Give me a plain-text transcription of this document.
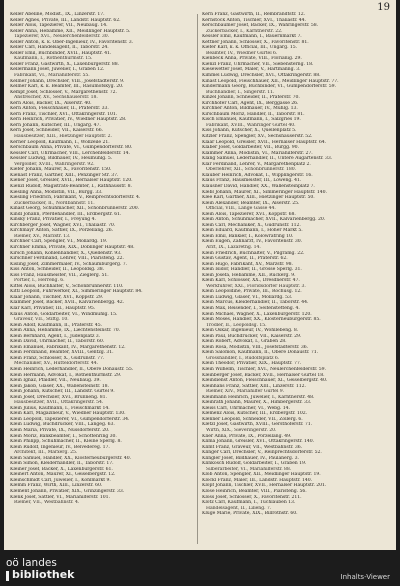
19
Keller Abeline, Modist., IX., Linzerstr. 17.
Keller Agnes, Private, III., Landstr. Hauptstr. 62.
Keller Alois, Tapezierer, VII., Neubaug. 14.
Keller Anna, Hebamme, XII., Meidlinger Hauptstr. 5.
Tapezierer, XVI., Neulerchenfelderstr. 30.
Keller Anton, k. k. Ober-Ingenieur, IV., Favoritenstr. 3.
Keller Carl, Handelsagent, II., Taborstr. 24.
Keller Emil, Buchbinder, XVII., Hauptstr. 41.
Kaufmann, I., Rothenthurmstr. 15.
Keller Franz, Gastwirth, X., Laxenburgerstr. 88.
Kellermann Josef, Juwelier, I., Graben 12.
Fabrikant, VI., Mariahilferstr. 55.
Kellner Johann, Drechsler, VIII., Josefstädterstr. 9.
Kellner Karl, k. k. Beamter, III., Rasumofskyg. 20.
Kempf Josef, Schlosser, V., Margarethenstr. 72.
Anstreicher, XV., Sechshauserstr. 18.
Kern Alois, Bäcker, IX., Alserstr. 40.
Kern Anton, Fleischhauer, II., Praterstr. 33.
Kern Franz, Tischler, XVI., Ottakringerstr. 101.
Kern Heinrich, Privatier, IV., Wiedner Hauptstr. 28.
Kern Johann, Kutscher, III., Ungarg. 47.
Kern Josef, Schneider, VII., Kaiserstr. 66.
Hausbesitzer, XIII., Hietzinger Hauptstr. 2.
Kerner Leopold, Kaufmann, I., Wollzeile 21.
Kerschbaum Anna, Private, VI., Gumpendorferstr. 80.
Kessler Carl, Uhrmacher, VIII., Lerchenfelderstr. 14.
Kessler Ludwig, Bildhauer, IV., Heumühlg. 5.
Vergolder, XVIII., Währingerstr. 92.
Kiefer Johann, Maurer, X., Favoritenstr. 150.
Kienast Franz, Gärtner, XIII., Penzinger Str. 37.
Kiener Josef, Greisler, XVII., Hernalser Hauptstr. 120.
Kienzl Rudolf, Magistrats-Beamter, I., Rathhausstr. 8.
Kiesling Anna, Modistin, VII., Burgg. 33.
Kiesling Friedrich, Fabrikant, V., Reinprechtsdorferstr. 4.
Zuckerbäcker, II., Nordbahnstr. 11.
Kinast Georg, Schuhmacher, XII., Schönbrunnerstr. 200.
Kindl Johann, Pferdehändler, III., Erdbergstr. 61.
Kinsky Franz, Privatier, I., Freyung 4.
Kirchberger Josef, Wagner, XVI., Thaliastr. 70.
Kirchmayr Anton, Sattler, IX., Porzellang. 26.
Riemer, XV., Märzstr. 13.
Kirchner Carl, Spengler, VI., Mollardg. 19.
Kirchner Emma, Private, XIX., Döblinger Hauptstr. 48.
Kirsch Johann, Kohlenhändler, X., Quellenstr. 93.
Kirschner Ferdinand, Lehrer, VIII., Piaristeng. 22.
Kisling Josef, Zimmermaler, IV., Schaumburgerg. 7.
Kiss Anton, Schneider, II., Leopoldsg. 38.
Kiss Franz, Hausmeister, VII., Zieglerg. 51.
Portier, I., Herreng. 6.
Kittel Alois, Buchhalter, V., Schönbrunnerstr. 110.
Kittl Leopold, Fuhrwerker, XI., Simmeringer Hauptstr. 84.
Klaar Johann, Tischler, XVI., Koppstr. 29.
Klammer Josef, Bäcker, XVII., Kalvarienbergg. 42.
Klar Karl, Privatier, III., Hauptstr. 95.
Klaus Anton, Goldarbeiter, VI., Windmühlg. 15.
Graveur, VII., Stiftg. 10.
Klein Adolf, Kaufmann, II., Praterstr. 45.
Klein Anna, Hebamme, IX., Liechtensteinstr. 70.
Klein Bernhard, Agent, I., Judenplatz 3.
Klein David, Uhrmacher, II., Taborstr. 60.
Klein Emanuel, Fabrikant, IV., Margarethenstr. 12.
Klein Ferdinand, Beamter, XVIII., Gentzg. 31.
Klein Franz, Schlosser, X., Gudrunstr. 77.
Mechaniker, XV., Hütteldorferstr. 44.
Klein Heinrich, Lederhändler, II., Obere Donaustr. 55.
Klein Hermann, Advokat, I., Rothenthurmstr. 29.
Klein Ignaz, Pfaidler, VII., Neubaug. 39.
Klein Jakob, Glaser, XX., Wallensteinstr. 18.
Klein Johann, Kutscher, III., Landstr. Gürtel 9.
Klein Josef, Drechsler, XVI., Brunneng. 81.
Hausbesitzer, XVII., Ottakringerstr. 54.
Klein Julius, Kaufmann, I., Fleischmarkt 14.
Klein Karl, Magazineur, V., Wiedner Hauptstr. 130.
Klein Leopold, Tapezierer, VI., Gumpendorferstr. 34.
Klein Ludwig, Buchdrucker, VIII., Langeg. 63.
Klein Maria, Private, IX., Nussdorferstr. 20.
Klein Moriz, Bankbeamter, I., Schottenring 30.
Klein Philipp, Schuhmacher, II., Kleine Sperlg. 8.
Klein Rudolf, Ingenieur, IV., Belvedereg. 17.
Architekt, III., Marxerg. 25.
Klein Samuel, Händler, XX., Klosterneuburgerstr. 40.
Klein Simon, Kleiderhändler, II., Taborstr. 17.
Kleiner Josef, Bäcker, X., Laxenburgerstr. 61.
Kleinert Anton, Maurer, XI., Geiselbergstr. 12.
Kleinschmidt Carl, Juwelier, I., Kohlmarkt 9.
Klemm Franz, Wirth, XIII., Linzerstr. 60.
Klement Johann, Privatier, XIX., Grinzingerstr. 33.
Klenk Josef, Sattler, VI., Mariahilferstr. 101.
Riemer, VII., Westbahnstr. 4.
Kern Franz, Gastwirth, II., Rembrandtstr. 12.
Kernstock Anton, Tischler, XVI., Thaliastr. 44.
Kerschbaumer Josef, Bäcker, IX., Währingerstr. 58.
Zuckerbäcker, I., Kärntnerstr. 22.
Kessler Emil, Kaufmann, I., Bauernmarkt 7.
Kettner Johann, Schlosser, X., Favoritenstr. 81.
Kiefer Karl, k. k. Official, III., Ungarg. 15.
Beamter, IV., Wiedner Gürtel 6.
Kienbeck Anna, Private, VIII., Florianig. 29.
Kienzl Franz, Uhrmacher, VII., Siebensterng. 18.
Kiesewetter Josef, Maler, V., Hartmanng. 3.
Kimmel Ludwig, Drechsler, XVI., Ottakringerstr. 88.
Kinast Leopold, Fleischhauer, XII., Meidlinger Hauptstr. 77.
Kindermann Georg, Buchbinder, VI., Gumpendorferstr. 59.
Buchhändler, I., Singerstr. 11.
Kinzel Johann, Schneider, II., Praterstr. 70.
Kirchhofer Carl, Agent, IX., Berggasse 26.
Kirchner Anton, Bildhauer, IV., Mühlg. 13.
Kirschbaum Moriz, Händler, II., Taborstr. 81.
Kisch Emanuel, Kaufmann, I., Salzgries 19.
Fabrikant, XVIII., Währinger Gürtel 40.
Kiss Johann, Kutscher, X., Quellenplatz 5.
Kitzler Franz, Spengler, XV., Sechshauserstr. 52.
Klaar Leopold, Greisler, XVII., Hernalser Hauptstr. 64.
Klaber Josef, Goldarbeiter, VII., Burgg. 90.
Klammer Anna, Modistin, VI., Mariahilferstr. 27.
Klang Samuel, Lederhändler, II., Untere Augartenstr. 33.
Klar Ferdinand, Lehrer, V., Margarethenplatz 2.
Oberlehrer, XII., Schönbrunnerstr. 180.
Klauber Heinrich, Advokat, I., Wipplingerstr. 16.
Klaus Franz, Hausmeister, III., Löweng. 41.
Klausner David, Händler, XX., Wallensteinplatz 7.
Klebl Johann, Maurer, XI., Simmeringer Hauptstr. 140.
Klee Karl, Gärtner, XIII., Hietzinger Hauptstr. 50.
Klein Alexander, Beamter, IX., Alserstr. 25.
Official, VIII., Lange Gasse 44.
Klein Alois, Tapezierer, XVI., Koppstr. 68.
Klein Anton, Schuhmacher, XVII., Kalvarienbergg. 20.
Klein Carl, Mechaniker, X., Gudrunstr. 112.
Klein Eduard, Kaufmann, I., Hoher Markt 5.
Klein Emil, Bankier, I., Kolowratring 10.
Klein Eugen, Zahnarzt, IV., Favoritenstr. 30.
Arzt, IX., Lazarethg. 14.
Klein Friedrich, Buchhalter, V., Pilgramg. 22.
Klein Gustav, Agent, II., Praterstr. 62.
Klein Hugo, Fabrikant, XV., Märzstr. 98.
Klein Isidor, Händler, II., Grosse Sperlg. 31.
Klein Josefa, Hebamme, XII., Ruckerg. 9.
Klein Karl, Schlosser, XX., Dresdnerstr. 47.
Werkführer, XXI., Floridsdorfer Hauptstr. 3.
Klein Leopoldine, Private, III., Rochusg. 12.
Klein Ludwig, Glaser, VI., Mollardg. 53.
Klein Marcus, Kleiderhändler, II., Taborstr. 44.
Klein Max, Reisender, I., Seitenstetteng. 4.
Klein Michael, Wagner, X., Laxenburgerstr. 120.
Klein Moses, Händler, XX., Klosterneuburgerstr. 85.
Trödler, II., Leopoldsg. 15.
Klein Oskar, Ingenieur, IV., Wohllebeng. 8.
Klein Paul, Buchdrucker, VII., Kaiserstr. 29.
Klein Robert, Advokat, I., Graben 28.
Klein Rosa, Modistin, VIII., Josefstädterstr. 36.
Klein Salomon, Kaufmann, II., Obere Donaustr. 71.
Grosshändler, I., Rudolfsplatz 6.
Klein Theodor, Privatier, XIX., Hauptstr. 77.
Klein Wilhelm, Tischler, XVI., Neulerchenfelderstr. 59.
Kleinberger Josef, Bäcker, XVII., Hernalser Gürtel 18.
Kleindienst Anton, Fleischhauer, XI., Geiselbergstr. 40.
Kleinhans Franz, Sattler, XIII., Linzerstr. 112.
Riemer, XIV., Mariahilfer Gürtel 9.
Kleinmann Heinrich, Juwelier, I., Kärntnerstr. 48.
Kleinrath Johann, Maurer, X., Himbergerstr. 33.
Kleiss Carl, Uhrmacher, VI., Webg. 14.
Klemenz Alois, Kutscher, III., Erdbergstr. 102.
Klenner Leopold, Schneider, VII., Zollerg. 6.
Kletzl Josef, Gastwirth, XVIII., Gersthoferstr. 71.
Wirth, XIX., Sieveringerstr. 20.
Klier Anna, Private, IX., Porzellang. 49.
Klima Johann, Greisler, XVI., Ottakringerstr. 140.
Klimt Franz, Graveur, VII., Westbahnstr. 36.
Klinger Carl, Drechsler, V., Reinprechtsdorferstr. 52.
Klingler Josef, Bildhauer, IV., Paulanerg. 3.
Klinkosch Rudolf, Goldarbeiter, I., Graben 19.
Silberarbeiter, VI., Mariahilferstr. 88.
Klob Anton, Spengler, XII., Meidlinger Hauptstr. 19.
Klöckl Franz, Maler, III., Landstr. Hauptstr. 140.
Klopf Johann, Tischler, XVII., Hernalser Hauptstr. 201.
Klose Heinrich, Beamter, VIII., Piaristeng. 56.
Kloss Josef, Schlosser, X., Favoritenstr. 211.
Klotz Carl, Kaufmann, I., Tuchlauben 13.
Handelsagent, II., Lilieng. 7.
Kluge Marie, Private, XIX., Billrothstr. 60.
oö landes
bibliothek	Inhalts-Viewer
